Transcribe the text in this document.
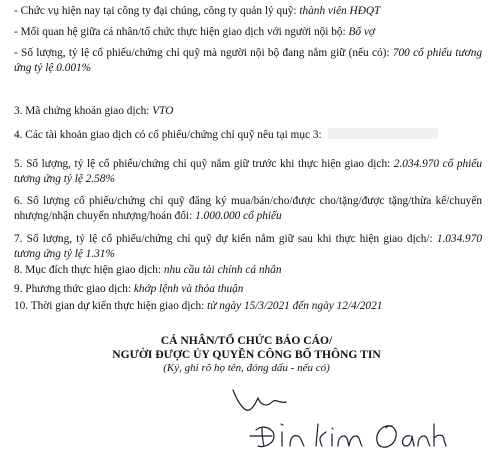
- Chức vụ hiện nay tại công ty đại chúng, công ty quản lý quỹ: thành viên HĐQT
- Mối quan hệ giữa cá nhân/tổ chức thực hiện giao dịch với người nội bộ: Bố vợ
- Số lượng, tỷ lệ cổ phiếu/chứng chỉ quỹ mà người nội bộ đang nắm giữ (nếu có): 700 cổ phiếu tương ứng tỷ lệ 0.001%
3. Mã chứng khoán giao dịch: VTO
4. Các tài khoản giao dịch có cổ phiếu/chứng chỉ quỹ nêu tại mục 3:
5. Số lượng, tỷ lệ cổ phiếu/chứng chỉ quỹ nắm giữ trước khi thực hiện giao dịch: 2.034.970 cổ phiếu tương ứng tỷ lệ 2.58%
6. Số lượng cổ phiếu/chứng chỉ quỹ đăng ký mua/bán/cho/được cho/tặng/được tặng/thừa kế/chuyển nhượng/nhận chuyển nhượng/hoán đổi: 1.000.000 cổ phiếu
7. Số lượng, tỷ lệ cổ phiếu/chứng chỉ quỹ dự kiến nắm giữ sau khi thực hiện giao dịch/: 1.034.970 tương ứng tỷ lệ 1.31%
8. Mục đích thực hiện giao dịch: nhu cầu tài chính cá nhân
9. Phương thức giao dịch: khớp lệnh và thỏa thuận
10. Thời gian dự kiến thực hiện giao dịch: từ ngày 15/3/2021 đến ngày 12/4/2021
CÁ NHÂN/TỔ CHỨC BÁO CÁO/
NGƯỜI ĐƯỢC ỦY QUYỀN CÔNG BỐ THÔNG TIN
(Ký, ghi rõ họ tên, đóng dấu - nếu có)
